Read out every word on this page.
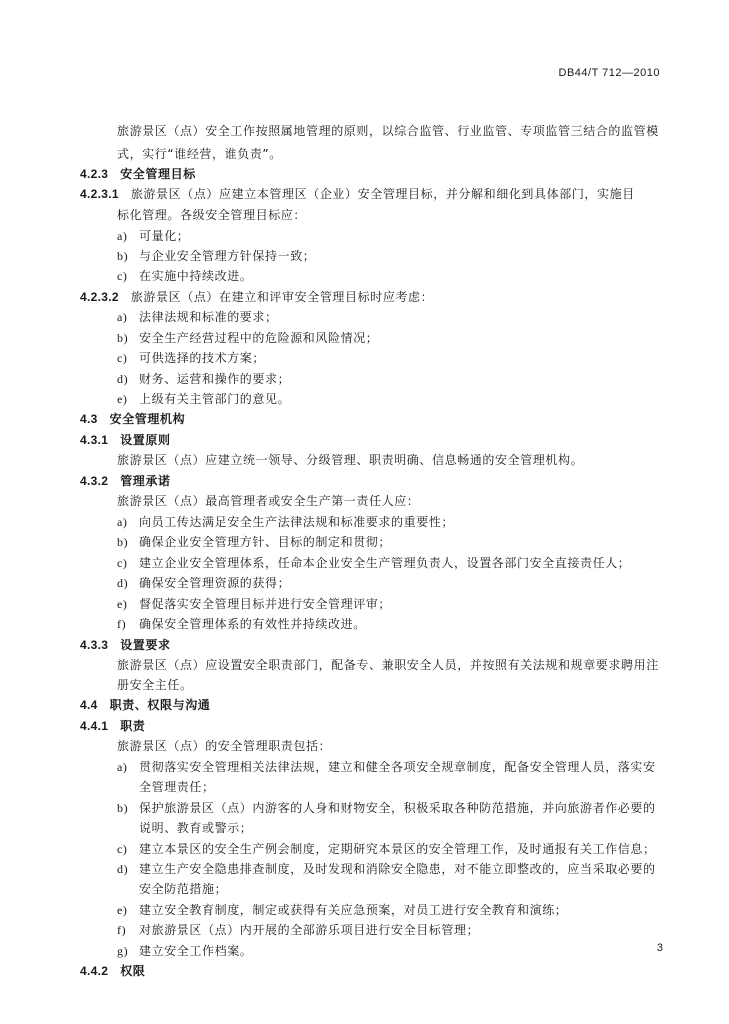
DB44/T 712—2010
旅游景区（点）安全工作按照属地管理的原则，以综合监管、行业监管、专项监管三结合的监管模
式，实行“谁经营，谁负责”。
4.2.3 安全管理目标
4.2.3.1 旅游景区（点）应建立本管理区（企业）安全管理目标，并分解和细化到具体部门，实施目
标化管理。各级安全管理目标应：
a) 可量化；
b) 与企业安全管理方针保持一致；
c) 在实施中持续改进。
4.2.3.2 旅游景区（点）在建立和评审安全管理目标时应考虑：
a) 法律法规和标准的要求；
b) 安全生产经营过程中的危险源和风险情况；
c) 可供选择的技术方案；
d) 财务、运营和操作的要求；
e) 上级有关主管部门的意见。
4.3 安全管理机构
4.3.1 设置原则
旅游景区（点）应建立统一领导、分级管理、职责明确、信息畅通的安全管理机构。
4.3.2 管理承诺
旅游景区（点）最高管理者或安全生产第一责任人应：
a) 向员工传达满足安全生产法律法规和标准要求的重要性；
b) 确保企业安全管理方针、目标的制定和贯彻；
c) 建立企业安全管理体系，任命本企业安全生产管理负责人，设置各部门安全直接责任人；
d) 确保安全管理资源的获得；
e) 督促落实安全管理目标并进行安全管理评审；
f) 确保安全管理体系的有效性并持续改进。
4.3.3 设置要求
旅游景区（点）应设置安全职责部门，配备专、兼职安全人员，并按照有关法规和规章要求聘用注
册安全主任。
4.4 职责、权限与沟通
4.4.1 职责
旅游景区（点）的安全管理职责包括：
a) 贯彻落实安全管理相关法律法规，建立和健全各项安全规章制度，配备安全管理人员，落实安
全管理责任；
b) 保护旅游景区（点）内游客的人身和财物安全，积极采取各种防范措施，并向旅游者作必要的
说明、教育或警示；
c) 建立本景区的安全生产例会制度，定期研究本景区的安全管理工作，及时通报有关工作信息；
d) 建立生产安全隐患排查制度，及时发现和消除安全隐患，对不能立即整改的，应当采取必要的
安全防范措施；
e) 建立安全教育制度，制定或获得有关应急预案，对员工进行安全教育和演练；
f) 对旅游景区（点）内开展的全部游乐项目进行安全目标管理；
g) 建立安全工作档案。
4.4.2 权限
3
